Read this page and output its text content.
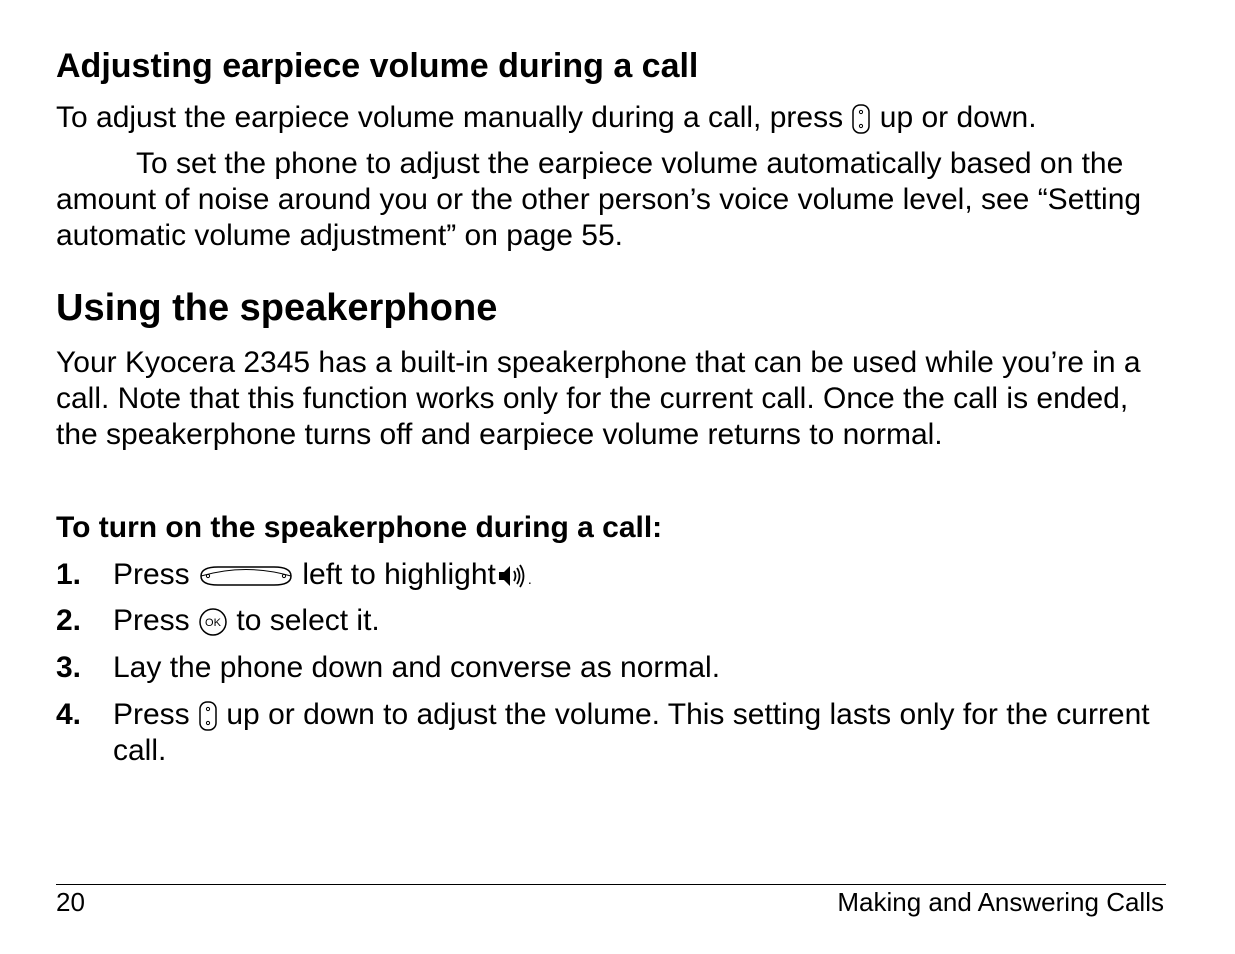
Adjusting earpiece volume during a call

To adjust the earpiece volume manually during a call, press up or down.

To set the phone to adjust the earpiece volume automatically based on the amount of noise around you or the other person’s voice volume level, see “Setting automatic volume adjustment” on page 55.

Using the speakerphone

Your Kyocera 2345 has a built-in speakerphone that can be used while you’re in a call. Note that this function works only for the current call. Once the call is ended, the speakerphone turns off and earpiece volume returns to normal.

To turn on the speakerphone during a call:
1. Press	left to highlight .
2. Press OK to select it.
3. Lay the phone down and converse as normal.
4. Press up or down to adjust the volume. This setting lasts only for the current call.
20	Making and Answering Calls
